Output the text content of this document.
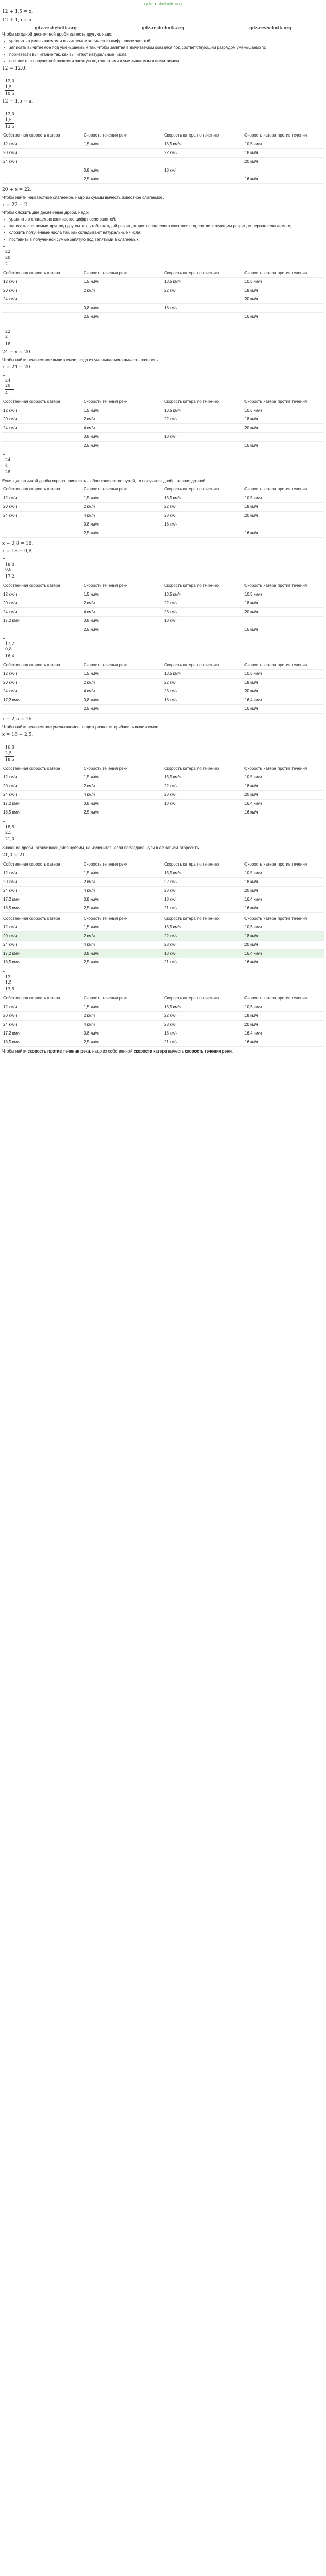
gdz-reshebnik.org
12 + 1,5 = x.
12 + 1,5 = x.
gdz-reshebnik.org	gdz-reshebnik.org	gdz-reshebnik.org
Чтобы из одной десятичной дроби вычесть другую, надо:
• уравнять в уменьшаемом и вычитаемом количество цифр после запятой;
• записать вычитаемое под уменьшаемым так, чтобы запятая в вычитаемом оказался под соответствующим разрядом уменьшаемого;
• произвести вычитание так, как вычитают натуральные числа;
• поставить в полученной разности запятую под запятыми в уменьшаемом и вычитаемом.
12 = 12,0.
−
12,0
1,5
10,5
12 − 1,5 = x.
+
12,0
1,5
13,5
Собственная скорость катера	Скорость течения реки	Скорость катера по течению	Скорость катера против течения
12 км/ч	1,5 км/ч	13,5 км/ч	10,5 км/ч
20 км/ч		22 км/ч	18 км/ч
24 км/ч			20 км/ч
	0,8 км/ч	18 км/ч	
	2,5 км/ч		16 км/ч
20 + x = 22.
Чтобы найти неизвестное слагаемое, надо из суммы вычесть известное слагаемое.
x = 22 − 2.
Чтобы сложить две десятичные дроби, надо:
• уравнять в слагаемых количество цифр после запятой;
• записать слагаемые друг под другом так, чтобы каждый разряд второго слагаемого оказался под соответствующим разрядом первого слагаемого;
• сложить полученные числа так, как складывают натуральные числа;
• поставить в полученной сумме запятую под запятыми в слагаемых.
−
22
20
2
Собственная скорость катера	Скорость течения реки	Скорость катера по течению	Скорость катера против течения
12 км/ч	1,5 км/ч	13,5 км/ч	10,5 км/ч
20 км/ч	2 км/ч	22 км/ч	18 км/ч
24 км/ч			20 км/ч
	0,8 км/ч	18 км/ч	
	2,5 км/ч		16 км/ч
−
22
2
18
24 − x = 20.
Чтобы найти неизвестное вычитаемое, надо из уменьшаемого вычесть разность.
x = 24 − 20.
−
24
20
4
Собственная скорость катера	Скорость течения реки	Скорость катера по течению	Скорость катера против течения
12 км/ч	1,5 км/ч	13,5 км/ч	10,5 км/ч
20 км/ч	2 км/ч	22 км/ч	18 км/ч
24 км/ч	4 км/ч		20 км/ч
	0,8 км/ч	18 км/ч	
	2,5 км/ч		16 км/ч
+
24
4
28
Если к десятичной дроби справа приписать любое количество нулей, то получится дробь, равная данной.
Собственная скорость катера	Скорость течения реки	Скорость катера по течению	Скорость катера против течения
12 км/ч	1,5 км/ч	13,5 км/ч	10,5 км/ч
20 км/ч	2 км/ч	22 км/ч	18 км/ч
24 км/ч	4 км/ч	28 км/ч	20 км/ч
	0,8 км/ч	18 км/ч	
	2,5 км/ч		16 км/ч
x + 0,8 = 18.
x = 18 − 0,8.
−
18,0
0,8
17,2
Собственная скорость катера	Скорость течения реки	Скорость катера по течению	Скорость катера против течения
12 км/ч	1,5 км/ч	13,5 км/ч	10,5 км/ч
20 км/ч	2 км/ч	22 км/ч	18 км/ч
24 км/ч	4 км/ч	28 км/ч	20 км/ч
17,2 км/ч	0,8 км/ч	18 км/ч	
	2,5 км/ч		16 км/ч
−
17,2
0,8
16,4
Собственная скорость катера	Скорость течения реки	Скорость катера по течению	Скорость катера против течения
12 км/ч	1,5 км/ч	13,5 км/ч	10,5 км/ч
20 км/ч	2 км/ч	22 км/ч	18 км/ч
24 км/ч	4 км/ч	28 км/ч	20 км/ч
17,2 км/ч	0,8 км/ч	18 км/ч	16,4 км/ч
	2,5 км/ч		16 км/ч
x − 2,5 = 16.
Чтобы найти неизвестное уменьшаемое, надо к разности прибавить вычитаемое.
x = 16 + 2,5.
+
16,0
2,5
18,5
Собственная скорость катера	Скорость течения реки	Скорость катера по течению	Скорость катера против течения
12 км/ч	1,5 км/ч	13,5 км/ч	10,5 км/ч
20 км/ч	2 км/ч	22 км/ч	18 км/ч
24 км/ч	4 км/ч	28 км/ч	20 км/ч
17,2 км/ч	0,8 км/ч	18 км/ч	16,4 км/ч
18,5 км/ч	2,5 км/ч		16 км/ч
+
18,5
2,5
21,0
Значение дроби, оканчивающейся нулями, не изменится, если последние нули в ее записи отбросить.
21,0 = 21.
Собственная скорость катера	Скорость течения реки	Скорость катера по течению	Скорость катера против течения
12 км/ч	1,5 км/ч	13,5 км/ч	10,5 км/ч
20 км/ч	2 км/ч	22 км/ч	18 км/ч
24 км/ч	4 км/ч	28 км/ч	20 км/ч
17,2 км/ч	0,8 км/ч	18 км/ч	16,4 км/ч
18,5 км/ч	2,5 км/ч	21 км/ч	16 км/ч
Собственная скорость катера	Скорость течения реки	Скорость катера по течению	Скорость катера против течения
12 км/ч	1,5 км/ч	13,5 км/ч	10,5 км/ч
20 км/ч	2 км/ч	22 км/ч	18 км/ч
24 км/ч	4 км/ч	28 км/ч	20 км/ч
17,2 км/ч	0,8 км/ч	18 км/ч	16,4 км/ч
18,5 км/ч	2,5 км/ч	21 км/ч	16 км/ч
+
12
1,5
13,5
Собственная скорость катера	Скорость течения реки	Скорость катера по течению	Скорость катера против течения
12 км/ч	1,5 км/ч	13,5 км/ч	10,5 км/ч
20 км/ч	2 км/ч	22 км/ч	18 км/ч
24 км/ч	4 км/ч	28 км/ч	20 км/ч
17,2 км/ч	0,8 км/ч	18 км/ч	16,4 км/ч
18,5 км/ч	2,5 км/ч	21 км/ч	16 км/ч
Чтобы найти скорость против течения реки, надо из собственной скорости катера вычесть скорость течения реки.
